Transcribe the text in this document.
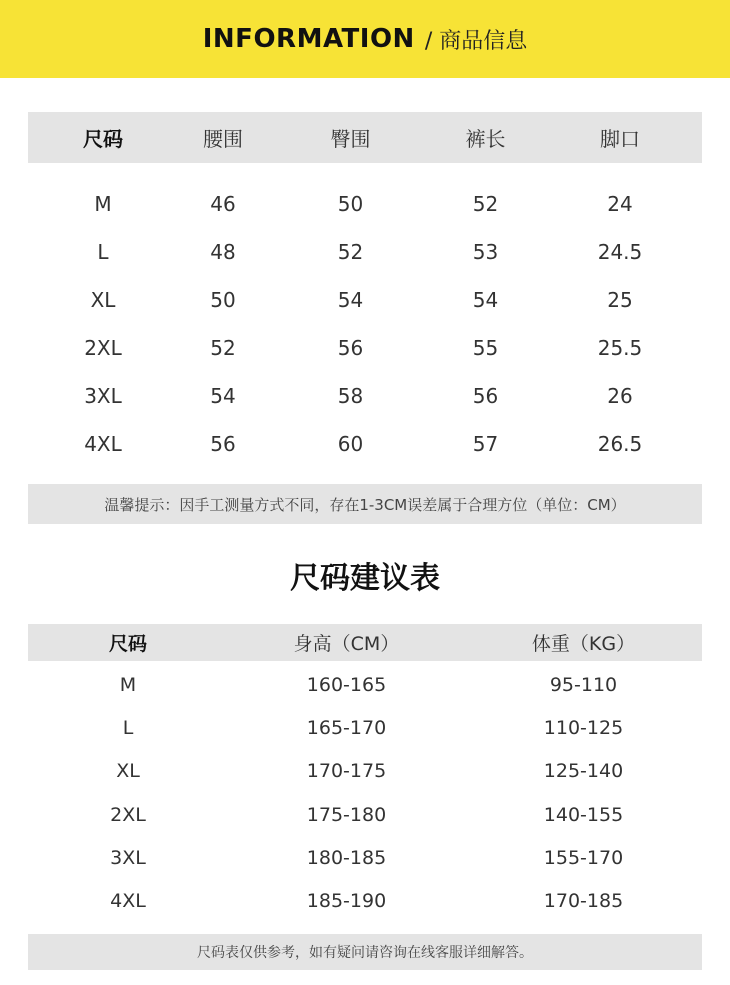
INFORMATION / 商品信息
尺码	腰围	臀围	裤长	脚口
M	46	50	52	24
L	48	52	53	24.5
XL	50	54	54	25
2XL	52	56	55	25.5
3XL	54	58	56	26
4XL	56	60	57	26.5
温馨提示：因手工测量方式不同，存在1-3CM误差属于合理方位（单位：CM）
尺码建议表
尺码	身高（CM）	体重（KG）
M	160-165	95-110
L	165-170	110-125
XL	170-175	125-140
2XL	175-180	140-155
3XL	180-185	155-170
4XL	185-190	170-185
尺码表仅供参考，如有疑问请咨询在线客服详细解答。
